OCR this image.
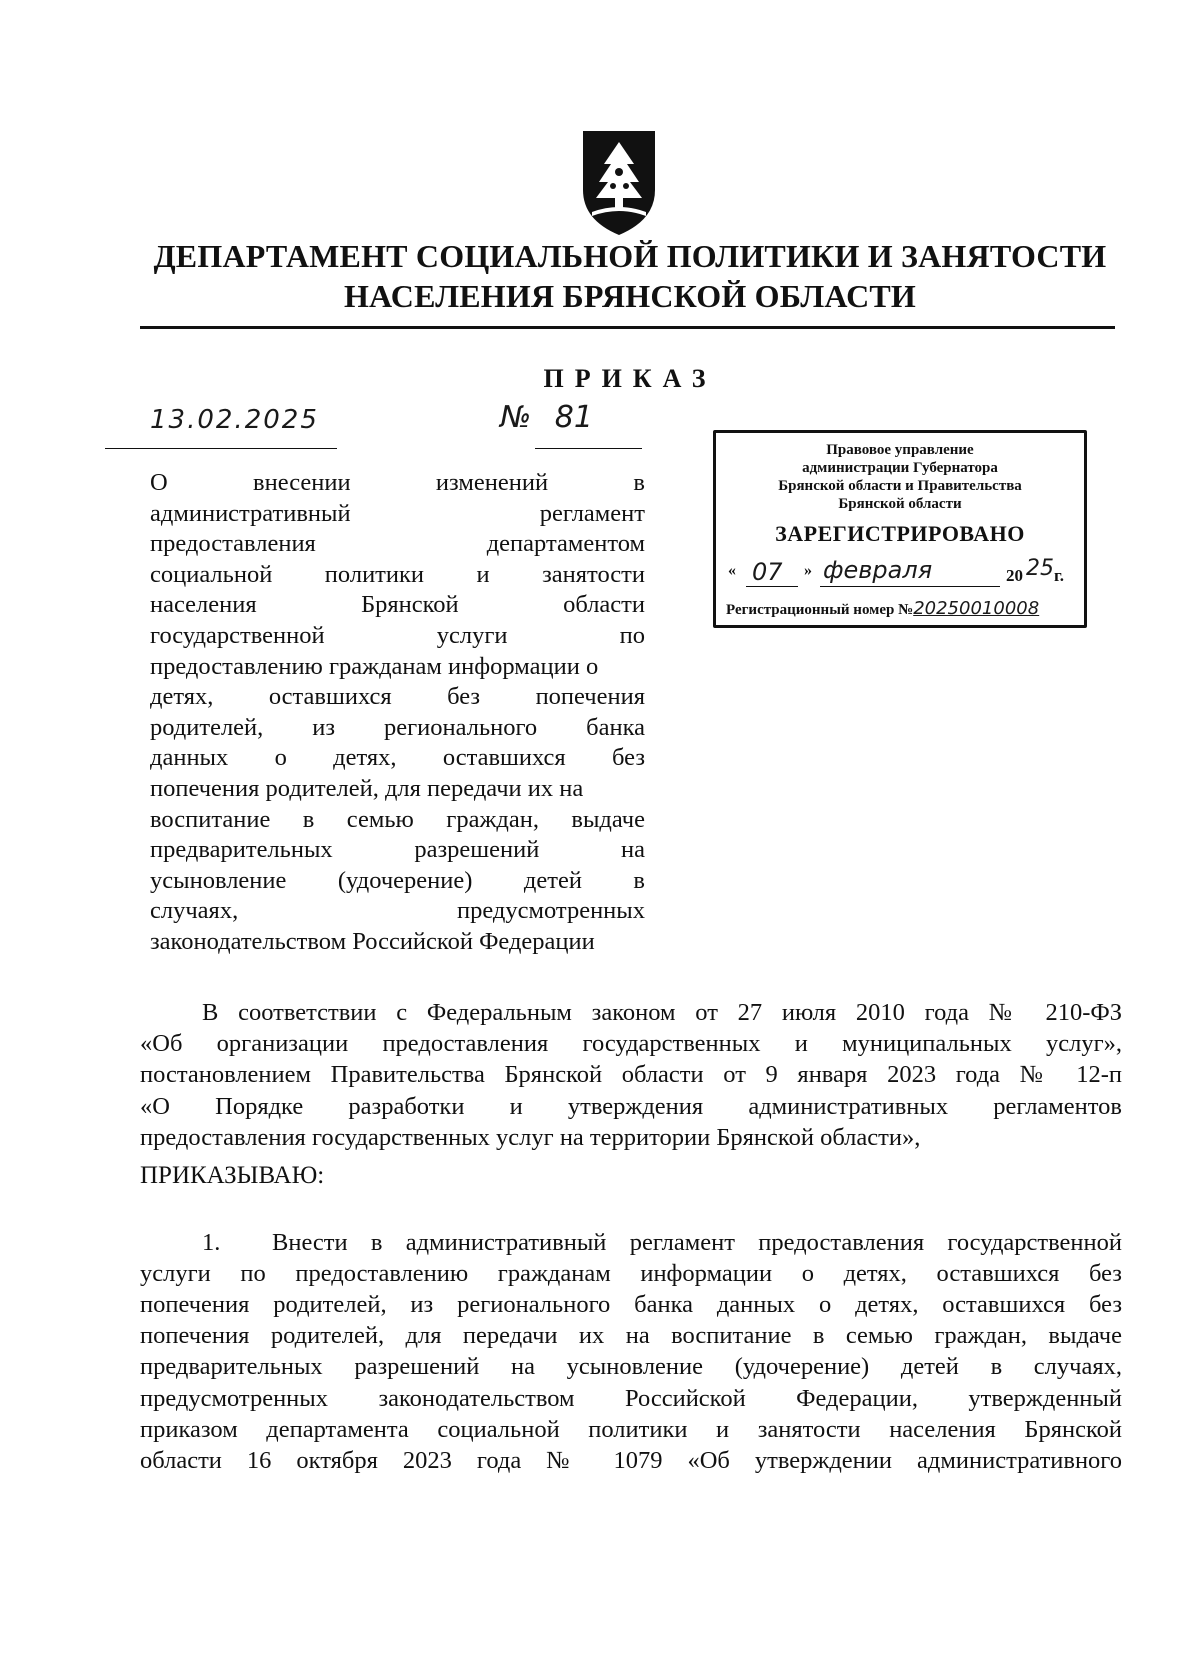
ДЕПАРТАМЕНТ СОЦИАЛЬНОЙ ПОЛИТИКИ И ЗАНЯТОСТИ
НАСЕЛЕНИЯ БРЯНСКОЙ ОБЛАСТИ
ПРИКАЗ
13.02.2025	№ 81
Правовое управление
администрации Губернатора
Брянской области и Правительства
Брянской области
ЗАРЕГИСТРИРОВАНО
« 07 » февраля	20 25 г.
Регистрационный номер №20250010008
О внесении изменений в
административный регламент
предоставления департаментом
социальной политики и занятости
населения Брянской области
государственной услуги по
предоставлению гражданам информации о
детях, оставшихся без попечения
родителей, из регионального банка
данных о детях, оставшихся без
попечения родителей, для передачи их на
воспитание в семью граждан, выдаче
предварительных разрешений на
усыновление (удочерение) детей в
случаях, предусмотренных
законодательством Российской Федерации
В соответствии с Федеральным законом от 27 июля 2010 года № 210-ФЗ
«Об организации предоставления государственных и муниципальных услуг»,
постановлением Правительства Брянской области от 9 января 2023 года № 12-п
«О Порядке разработки и утверждения административных регламентов
предоставления государственных услуг на территории Брянской области»,
ПРИКАЗЫВАЮ:
1. Внести в административный регламент предоставления государственной
услуги по предоставлению гражданам информации о детях, оставшихся без
попечения родителей, из регионального банка данных о детях, оставшихся без
попечения родителей, для передачи их на воспитание в семью граждан, выдаче
предварительных разрешений на усыновление (удочерение) детей в случаях,
предусмотренных законодательством Российской Федерации, утвержденный
приказом департамента социальной политики и занятости населения Брянской
области 16 октября 2023 года № 1079 «Об утверждении административного
